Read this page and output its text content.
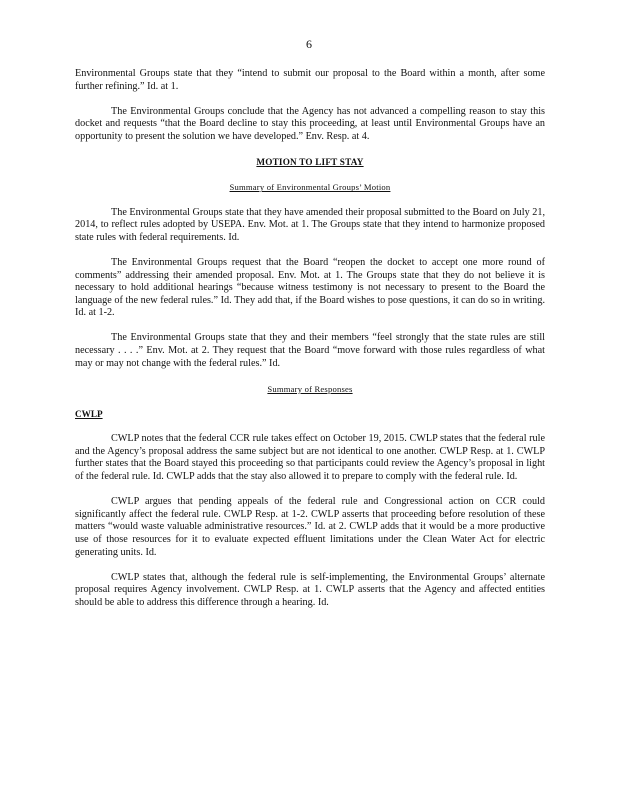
6

Environmental Groups state that they “intend to submit our proposal to the Board within a month, after some further refining.” Id. at 1.

The Environmental Groups conclude that the Agency has not advanced a compelling reason to stay this docket and requests “that the Board decline to stay this proceeding, at least until Environmental Groups have an opportunity to present the solution we have developed.” Env. Resp. at 4.

MOTION TO LIFT STAY
Summary of Environmental Groups’ Motion

The Environmental Groups state that they have amended their proposal submitted to the Board on July 21, 2014, to reflect rules adopted by USEPA. Env. Mot. at 1. The Groups state that they intend to harmonize proposed state rules with federal requirements. Id.

The Environmental Groups request that the Board “reopen the docket to accept one more round of comments” addressing their amended proposal. Env. Mot. at 1. The Groups state that they do not believe it is necessary to hold additional hearings “because witness testimony is not necessary to present to the Board the language of the new federal rules.” Id. They add that, if the Board wishes to pose questions, it can do so in writing. Id. at 1-2.

The Environmental Groups state that they and their members “feel strongly that the state rules are still necessary . . . .” Env. Mot. at 2. They request that the Board “move forward with those rules regardless of what may or may not change with the federal rules.” Id.

Summary of Responses
CWLP

CWLP notes that the federal CCR rule takes effect on October 19, 2015. CWLP states that the federal rule and the Agency’s proposal address the same subject but are not identical to one another. CWLP Resp. at 1. CWLP further states that the Board stayed this proceeding so that participants could review the Agency’s proposal in light of the federal rule. Id. CWLP adds that the stay also allowed it to prepare to comply with the federal rule. Id.

CWLP argues that pending appeals of the federal rule and Congressional action on CCR could significantly affect the federal rule. CWLP Resp. at 1-2. CWLP asserts that proceeding before resolution of these matters “would waste valuable administrative resources.” Id. at 2. CWLP adds that it would be a more productive use of those resources for it to evaluate expected effluent limitations under the Clean Water Act for electric generating units. Id.

CWLP states that, although the federal rule is self-implementing, the Environmental Groups’ alternate proposal requires Agency involvement. CWLP Resp. at 1. CWLP asserts that the Agency and affected entities should be able to address this difference through a hearing. Id.
